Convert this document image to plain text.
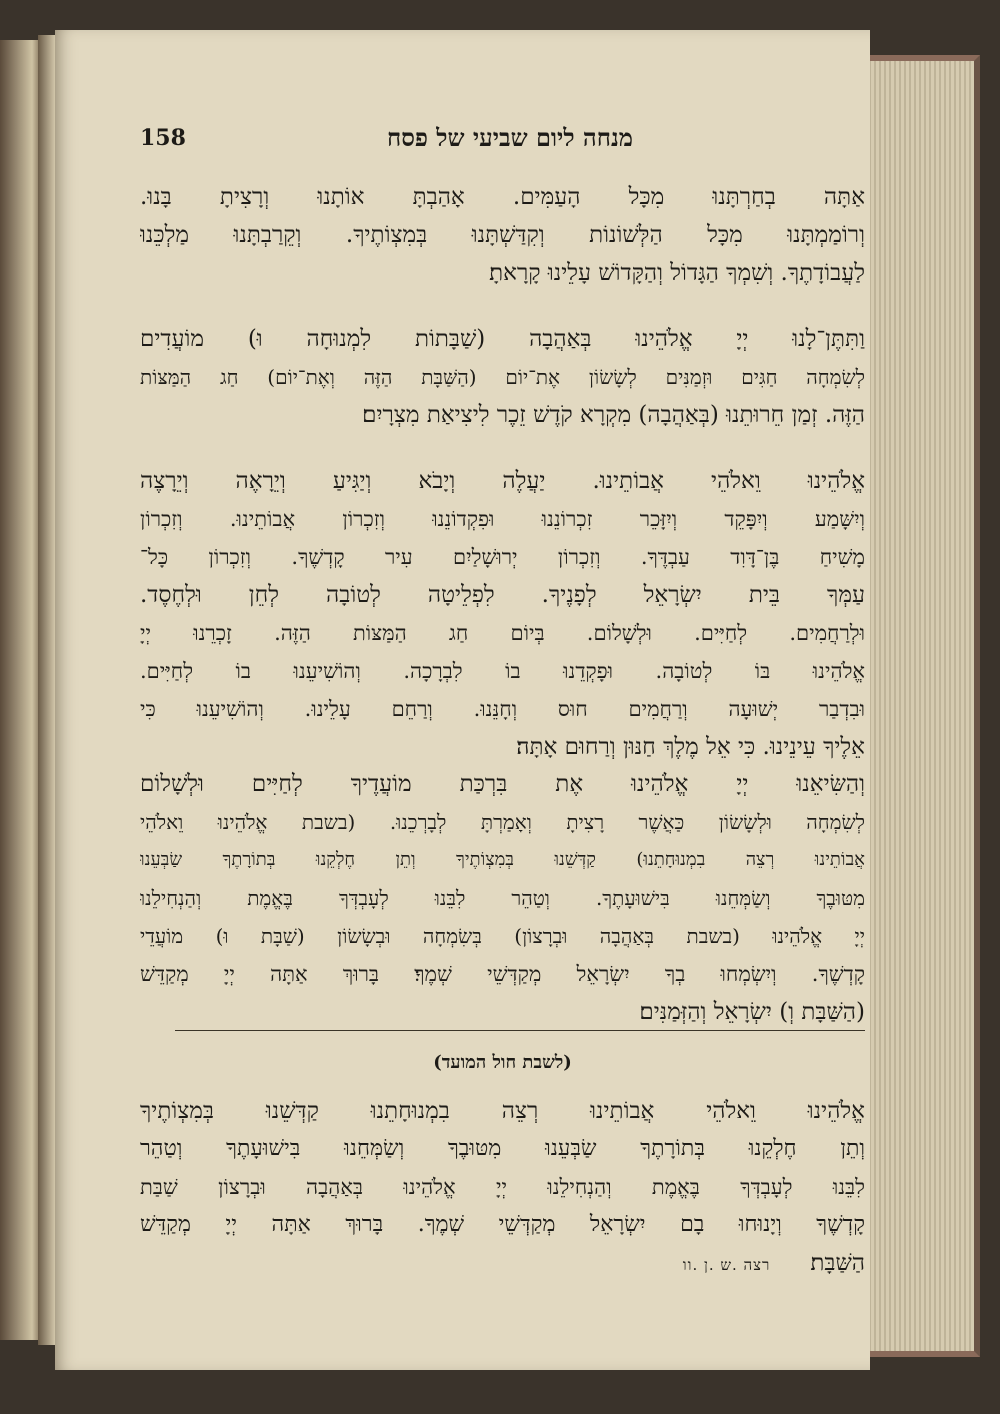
158	מנחה ליום שביעי של פסח
אַתָּה בְחַרְתָּנוּ מִכָּל הָעַמִּים. אָהַבְתָּ אוֹתָנוּ וְרָצִיתָ בָּנוּ.
וְרוֹמַמְתָּנוּ מִכָּל הַלְּשׁוֹנוֹת וְקִדַּשְׁתָּנוּ בְּמִצְוֹתֶיךָ. וְקֵרַבְתָּנוּ מַלְכֵּנוּ
לַעֲבוֹדָתֶךָ. וְשִׁמְךָ הַגָּדוֹל וְהַקָּדוֹשׁ עָלֵינוּ קָרָאתָ׃
וַתִּתֶּן־לָנוּ יְיָ אֱלֹהֵינוּ בְּאַהֲבָה (שַׁבָּתוֹת לִמְנוּחָה וּ) מוֹעֲדִים
לְשִׂמְחָה חַגִּים וּזְמַנִּים לְשָׂשׂוֹן אֶת־יוֹם (הַשַּׁבָּת הַזֶּה וְאֶת־יוֹם) חַג הַמַּצּוֹת
הַזֶּה. זְמַן חֵרוּתֵנוּ (בְּאַהֲבָה) מִקְרָא קֹדֶשׁ זֵכֶר לִיצִיאַת מִצְרָיִם׃
אֱלֹהֵינוּ וֵאלֹהֵי אֲבוֹתֵינוּ. יַעֲלֶה וְיָבֹא וְיַגִּיעַ וְיֵרָאֶה וְיֵרָצֶה
וְיִשָּׁמַע וְיִפָּקֵד וְיִזָּכֵר זִכְרוֹנֵנוּ וּפִקְדוֹנֵנוּ וְזִכְרוֹן אֲבוֹתֵינוּ. וְזִכְרוֹן
מָשִׁיחַ בֶּן־דָּוִד עַבְדֶּךָ. וְזִכְרוֹן יְרוּשָׁלַיִם עִיר קָדְשֶׁךָ. וְזִכְרוֹן כָּל־
עַמְּךָ בֵּית יִשְׂרָאֵל לְפָנֶיךָ. לִפְלֵיטָה לְטוֹבָה לְחֵן וּלְחֶסֶד.
וּלְרַחֲמִים. לְחַיִּים. וּלְשָׁלוֹם. בְּיוֹם חַג הַמַּצּוֹת הַזֶּה. זָכְרֵנוּ יְיָ
אֱלֹהֵינוּ בּוֹ לְטוֹבָה. וּפָקְדֵנוּ בוֹ לִבְרָכָה. וְהוֹשִׁיעֵנוּ בוֹ לְחַיִּים.
וּבִדְבַר יְשׁוּעָה וְרַחֲמִים חוּס וְחָנֵּנוּ. וְרַחֵם עָלֵינוּ. וְהוֹשִׁיעֵנוּ כִּי
אֵלֶיךָ עֵינֵינוּ. כִּי אֵל מֶלֶךְ חַנּוּן וְרַחוּם אָתָּה׃
וְהַשִּׂיאֵנוּ יְיָ אֱלֹהֵינוּ אֶת בִּרְכַּת מוֹעֲדֶיךָ לְחַיִּים וּלְשָׁלוֹם
לְשִׂמְחָה וּלְשָׂשׂוֹן כַּאֲשֶׁר רָצִיתָ וְאָמַרְתָּ לְבָרְכֵנוּ. (בשבת אֱלֹהֵינוּ וֵאלֹהֵי
אֲבוֹתֵינוּ רְצֵה בִמְנוּחָתֵנוּ) קַדְּשֵׁנוּ בְּמִצְוֹתֶיךָ וְתֵן חֶלְקֵנוּ בְּתוֹרָתֶךָ שַׂבְּעֵנוּ
מִטּוּבֶךָ וְשַׂמְּחֵנוּ בִּישׁוּעָתֶךָ. וְטַהֵר לִבֵּנוּ לְעָבְדְּךָ בֶּאֱמֶת וְהַנְחִילֵנוּ
יְיָ אֱלֹהֵינוּ (בשבת בְּאַהֲבָה וּבְרָצוֹן) בְּשִׂמְחָה וּבְשָׂשׂוֹן (שַׁבָּת וּ) מוֹעֲדֵי
קָדְשֶׁךָ. וְיִשְׂמְחוּ בְךָ יִשְׂרָאֵל מְקַדְּשֵׁי שְׁמֶךָ׃ בָּרוּךְ אַתָּה יְיָ מְקַדֵּשׁ
(הַשַּׁבָּת וְ) יִשְׂרָאֵל וְהַזְּמַנִּים׃
(לשבת חול המועד)
אֱלֹהֵינוּ וֵאלֹהֵי אֲבוֹתֵינוּ רְצֵה בִמְנוּחָתֵנוּ קַדְּשֵׁנוּ בְּמִצְוֹתֶיךָ
וְתֵן חֶלְקֵנוּ בְּתוֹרָתֶךָ שַׂבְּעֵנוּ מִטּוּבֶךָ וְשַׂמְּחֵנוּ בִּישׁוּעָתֶךָ וְטַהֵר
לִבֵּנוּ לְעָבְדְּךָ בֶּאֱמֶת וְהַנְחִילֵנוּ יְיָ אֱלֹהֵינוּ בְּאַהֲבָה וּבְרָצוֹן שַׁבַּת
קָדְשֶׁךָ וְיָנוּחוּ בָם יִשְׂרָאֵל מְקַדְּשֵׁי שְׁמֶךָ. בָּרוּךְ אַתָּה יְיָ מְקַדֵּשׁ
הַשַּׁבָּת׃רצה .ש .ן .וו
